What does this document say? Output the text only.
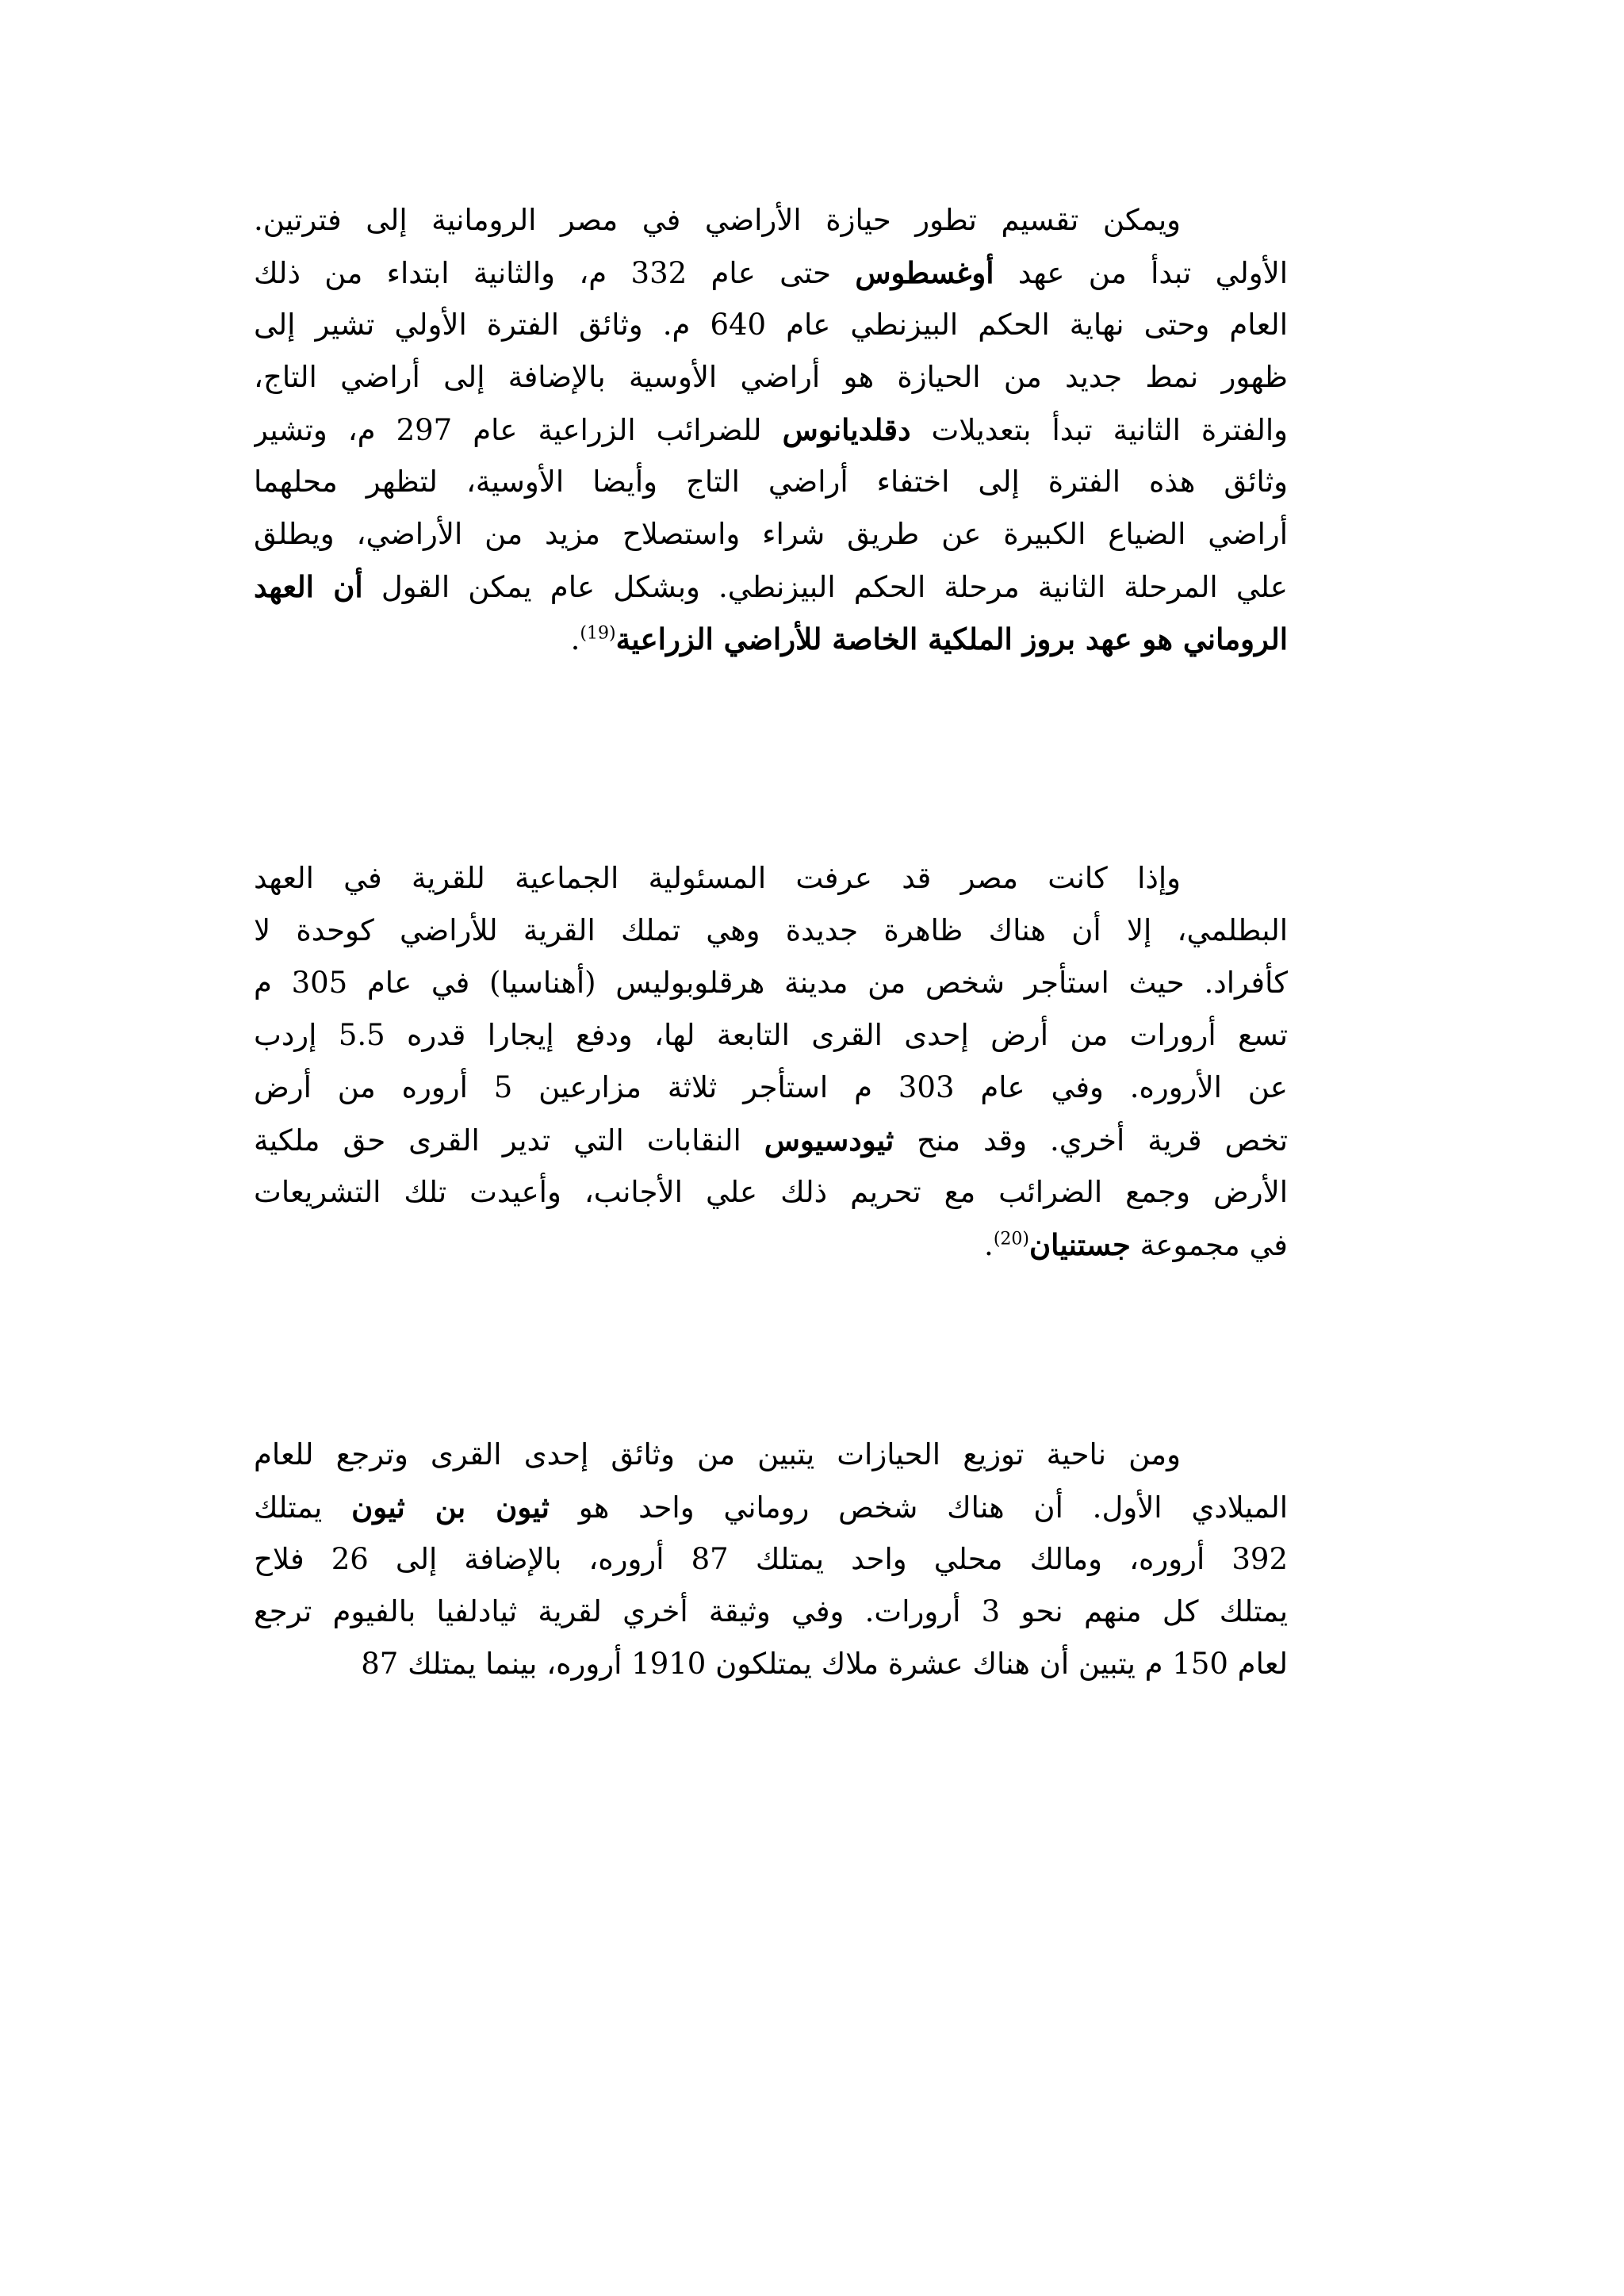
ويمكن تقسيم تطور حيازة الأراضي في مصر الرومانية إلى فترتين.
الأولي تبدأ من عهد أوغسطوس حتى عام 332 م، والثانية ابتداء من ذلك
العام وحتى نهاية الحكم البيزنطي عام 640 م. وثائق الفترة الأولي تشير إلى
ظهور نمط جديد من الحيازة هو أراضي الأوسية بالإضافة إلى أراضي التاج،
والفترة الثانية تبدأ بتعديلات دقلديانوس للضرائب الزراعية عام 297 م، وتشير
وثائق هذه الفترة إلى اختفاء أراضي التاج وأيضا الأوسية، لتظهر محلهما
أراضي الضياع الكبيرة عن طريق شراء واستصلاح مزيد من الأراضي، ويطلق
علي المرحلة الثانية مرحلة الحكم البيزنطي. وبشكل عام يمكن القول أن العهد
الروماني هو عهد بروز الملكية الخاصة للأراضي الزراعية$^{(19)}$.
وإذا كانت مصر قد عرفت المسئولية الجماعية للقرية في العهد
البطلمي، إلا أن هناك ظاهرة جديدة وهي تملك القرية للأراضي كوحدة لا
كأفراد. حيث استأجر شخص من مدينة هرقلوبوليس (أهناسيا) في عام 305 م
تسع أرورات من أرض إحدى القرى التابعة لها، ودفع إيجارا قدره 5.5 إردب
عن الأروره. وفي عام 303 م استأجر ثلاثة مزارعين 5 أروره من أرض
تخص قرية أخري. وقد منح ثيودسيوس النقابات التي تدير القرى حق ملكية
الأرض وجمع الضرائب مع تحريم ذلك علي الأجانب، وأعيدت تلك التشريعات
في مجموعة جستنيان$^{(20)}$.
ومن ناحية توزيع الحيازات يتبين من وثائق إحدى القرى وترجع للعام
الميلادي الأول. أن هناك شخص روماني واحد هو ثيون بن ثيون يمتلك
392 أروره، ومالك محلي واحد يمتلك 87 أروره، بالإضافة إلى 26 فلاح
يمتلك كل منهم نحو 3 أرورات. وفي وثيقة أخري لقرية ثيادلفيا بالفيوم ترجع
لعام 150 م يتبين أن هناك عشرة ملاك يمتلكون 1910 أروره، بينما يمتلك 87
